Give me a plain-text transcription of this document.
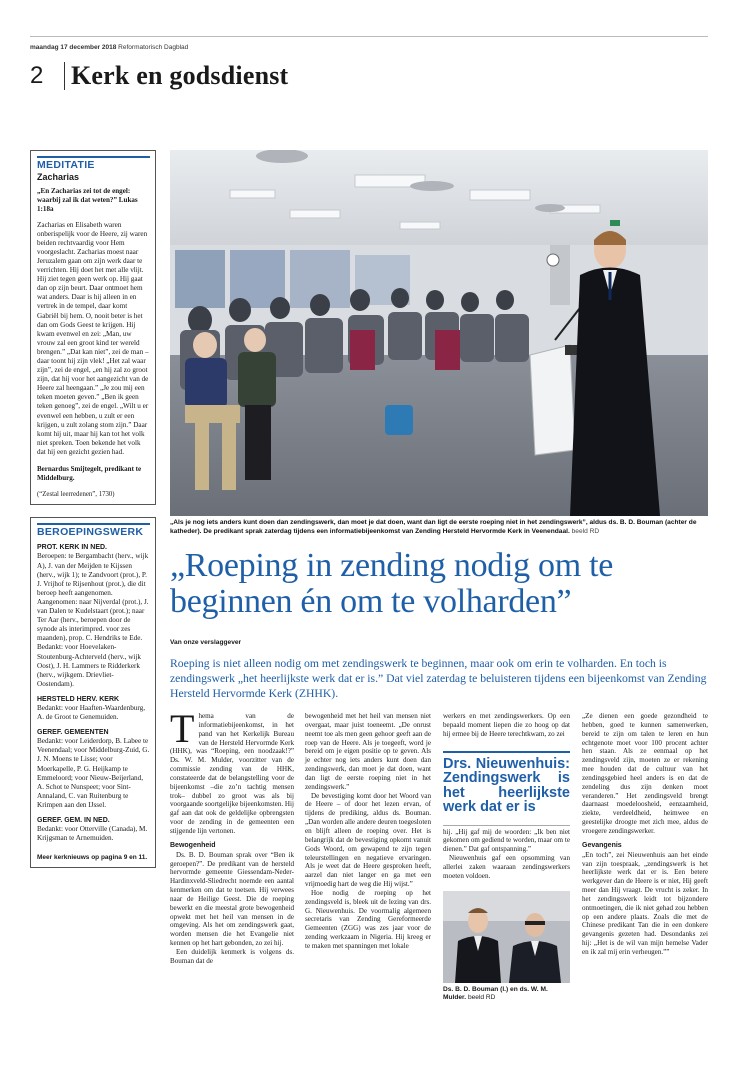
maandag 17 december 2018 Reformatorisch Dagblad
2	Kerk en godsdienst
MEDITATIE
Zacharias
„En Zacharias zei tot de engel: waarbij zal ik dat weten?” Lukas 1:18a
Zacharias en Elisabeth waren onberispelijk voor de Heere, zij waren beiden rechtvaardig voor Hem voorgeslacht. Zacharias moest naar Jeruzalem gaan om zijn werk daar te verrichten. Hij doet het met alle vlijt. Hij ziet tegen geen werk op. Hij gaat dan op zijn beurt. Daar ontmoet hem wat anders. Daar is hij alleen in en vertrek in de tempel, daar komt Gabriël bij hem. O, nooit beter is het dan om Gods Geest te krijgen. Hij kwam evenwel en zei: „Man, uw vrouw zal een groot kind ter wereld brengen.” „Dat kan niet”, zei de man – daar toont hij zijn vlek! „Het zal waar zijn”, zei de engel, „en hij zal zo groot zijn, dat hij voor het aangezicht van de Heere zal heengaan.” „Je zou mij een teken moeten geven.” „Ben ik geen teken genoeg”, zei de engel. „Wilt u er evenwel een hebben, u zult er een krijgen, u zult zolang stom zijn.” Daar komt hij uit, maar hij kan tot het volk niet spreken. Toen bekende het volk dat hij een gezicht gezien had.
Bernardus Smijtegelt, predikant te Middelburg.
(“Zestal leerredenen”, 1730)
BEROEPINGSWERK
PROT. KERK IN NED.
Beroepen: te Bergambacht (herv., wijk A), J. van der Meijden te Kijssen (herv., wijk 1); te Zandvoort (prot.), P. J. Vrijhof te Rijsenhout (prot.), die dit beroep heeft aangenomen.
Aangenomen: naar Nijverdal (prot.), J. van Dalen te Kudelstaart (prot.); naar Ter Aar (herv., beroepen door de synode als interimpred. voor zes maanden), prop. C. Hendriks te Ede.
Bedankt: voor Hoevelaken-Stoutenburg-Achterveld (herv., wijk Oost), J. H. Lammers te Ridderkerk (herv., wijkgem. Drievliet-Oostendam).
HERSTELD HERV. KERK
Bedankt: voor Haaften-Waardenburg, A. de Groot te Genemuiden.
GEREF. GEMEENTEN
Bedankt: voor Leiderdorp, B. Labee te Veenendaal; voor Middelburg-Zuid, G. J. N. Moens te Lisse; voor Moerkapelle, P. G. Heijkamp te Emmeloord; voor Nieuw-Beijerland, A. Schot te Nunspeet; voor Sint-Annaland, C. van Ruitenburg te Krimpen aan den IJssel.
GEREF. GEM. IN NED.
Bedankt: voor Otterville (Canada), M. Krijgsman te Arnemuiden.
Meer kerknieuws op pagina 9 en 11.
„Als je nog iets anders kunt doen dan zendingswerk, dan moet je dat doen, want dan ligt de eerste roeping niet in het zendingswerk”, aldus ds. B. D. Bouman (achter de katheder). De predikant sprak zaterdag tijdens een informatiebijeenkomst van Zending Hersteld Hervormde Kerk in Veenendaal. beeld RD
„Roeping in zending nodig om te beginnen én om te volharden”
Van onze verslaggever
Roeping is niet alleen nodig om met zendingswerk te beginnen, maar ook om erin te volharden. En toch is zendingswerk „het heerlijkste werk dat er is.” Dat viel zaterdag te beluisteren tijdens een bijeenkomst van Zending Hersteld Hervormde Kerk (ZHHK).

Thema van de informatiebijeenkomst, in het pand van het Kerkelijk Bureau van de Hersteld Hervormde Kerk (HHK), was “Roeping, een noodzaak!?” Ds. W. M. Mulder, voorzitter van de commissie zending van de HHK, constateerde dat de belangstelling voor de bijeenkomst –die zo’n tachtig mensen trok– dubbel zo groot was als bij voorgaande soortgelijke bijeenkomsten. Hij gaf aan dat ook de geldelijke opbrengsten voor de zending in de gemeenten een stijgende lijn vertonen.

Bewogenheid

Ds. B. D. Bouman sprak over “Ben ik geroepen?”. De predikant van de hersteld hervormde gemeente Giessendam-Neder-Hardinxveld-Sliedrecht noemde een aantal kenmerken om dat te toetsen. Hij verwees naar de Heilige Geest. Die de roeping bewerkt en die meestal grote bewogenheid opwekt met het heil van mensen in de omgeving. Als het om zendingswerk gaat, worden mensen die het Evangelie niet kennen op het hart gebonden, zo zei hij.

Een duidelijk kenmerk is volgens ds. Bouman dat de

bewogenheid met het heil van mensen niet overgaat, maar juist toeneemt. „De onrust neemt toe als men geen gehoor geeft aan de roep van de Heere. Als je toegeeft, word je bereid om je eigen positie op te geven. Als je echter nog iets anders kunt doen dan zendingswerk, dan moet je dat doen, want dan ligt de eerste roeping niet in het zendingswerk.”

De bevestiging komt door het Woord van de Heere – of door het lezen ervan, of tijdens de prediking, aldus ds. Bouman. „Dan worden alle andere deuren toegesloten en blijft alleen de roeping over. Het is belangrijk dat de bevestiging opkomt vanuit Gods Woord, om gewapend te zijn tegen teleurstellingen en negatieve ervaringen. Als je weet dat de Heere gesproken heeft, aarzel dan niet langer en ga met een vrijmoedig hart de weg die Hij wijst.”

Hoe nodig de roeping op het zendingsveld is, bleek uit de lezing van drs. G. Nieuwenhuis. De voormalig algemeen secretaris van Zending Gereformeerde Gemeenten (ZGG) was zes jaar voor de zending werkzaam in Nigeria. Hij kreeg er te maken met spanningen met lokale

werkers en met zendingswerkers. Op een bepaald moment liepen die zo hoog op dat hij ermee bij de Heere terechtkwam, zo zei

Drs. Nieuwenhuis: Zendingswerk is het heerlijkste werk dat er is

hij. „Hij gaf mij de woorden: „Ik ben niet gekomen om gediend te worden, maar om te dienen.” Dat gaf ontspanning.”

Nieuwenhuis gaf een opsomming van allerlei zaken waaraan zendingswerkers moeten voldoen.

Ds. B. D. Bouman (l.) en ds. W. M. Mulder. beeld RD

„Ze dienen een goede gezondheid te hebben, goed te kunnen samenwerken, bereid te zijn om talen te leren en hun echtgenote moet voor 100 procent achter hen staan. Als ze eenmaal op het zendingsveld zijn, moeten ze er rekening mee houden dat de cultuur van het zendingsgebied heel anders is en dat de zendeling dus zijn denken moet veranderen.” Het zendingsveld brengt daarnaast moedeloosheid, eenzaamheid, ziekte, verdeeldheid, heimwee en geestelijke droogte met zich mee, aldus de vroegere zendingswerker.

Gevangenis

„En toch”, zei Nieuwenhuis aan het einde van zijn toespraak, „zendingswerk is het heerlijkste werk dat er is. Een betere werkgever dan de Heere is er niet, Hij geeft meer dan Hij vraagt. De vrucht is zeker. In het zendingswerk leidt tot bijzondere ontmoetingen, die ik niet gehad zou hebben op een andere plaats. Zoals die met de Chinese predikant Tan die in een donkere gevangenis gezeten had. Desondanks zei hij: „Het is de wil van mijn hemelse Vader en ik zal mij erin verheugen.””
